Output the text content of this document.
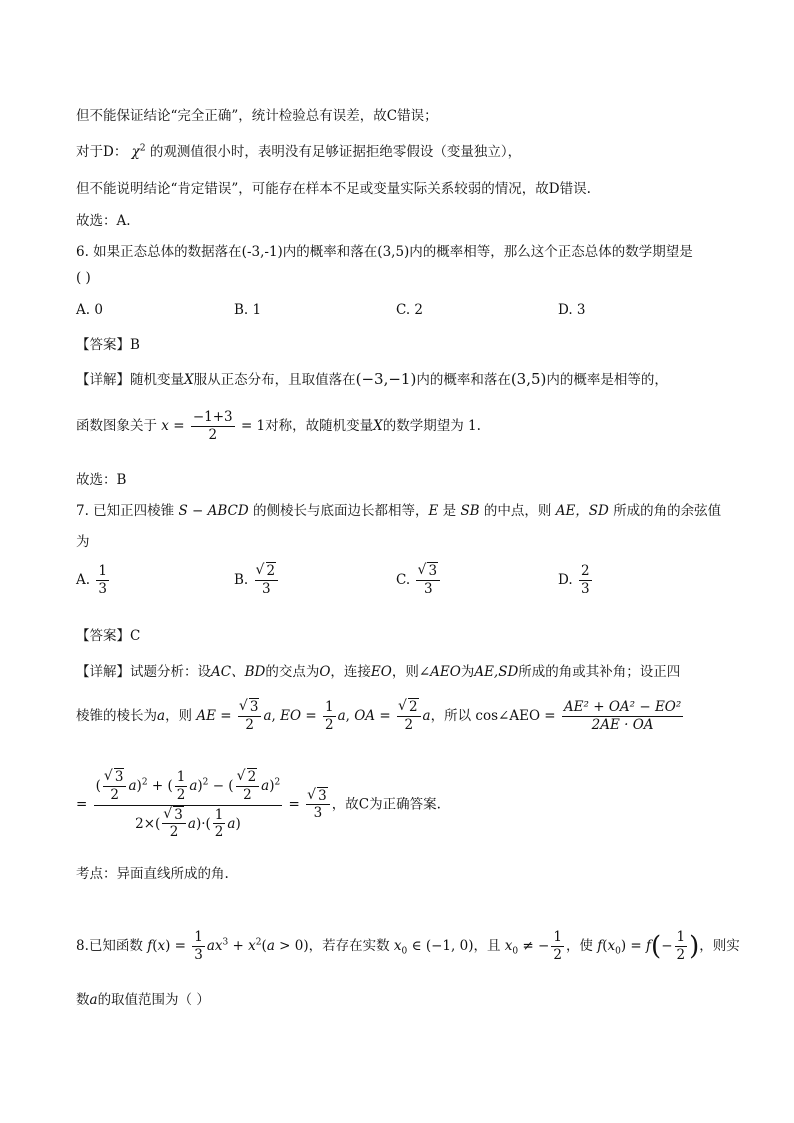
但不能保证结论“完全正确”，统计检验总有误差，故C错误；
对于D： $\chi^2$ 的观测值很小时，表明没有足够证据拒绝零假设（变量独立），
但不能说明结论“肯定错误”，可能存在样本不足或变量实际关系较弱的情况，故D错误.
故选：A.
6. 如果正态总体的数据落在(-3,-1)内的概率和落在(3,5)内的概率相等，那么这个正态总体的数学期望是
( )
A. 0	B. 1	C. 2	D. 3
【答案】B
【详解】随机变量X服从正态分布，且取值落在(−3,−1)内的概率和落在(3,5)内的概率是相等的，
函数图象关于 $x = \frac{-1+3}{2} = 1$对称，故随机变量X的数学期望为 1.
故选：B
7. 已知正四棱锥 S − ABCD 的侧棱长与底面边长都相等，E 是 SB 的中点，则 AE，SD 所成的角的余弦值
为
A. $\frac{1}{3}$	B.
√ $\frac{2}{3}$	C.
√ $\frac{3}{3}$	D. $\frac{2}{3}$
【答案】C
【详解】试题分析：设AC、BD的交点为O，连接EO，则∠AEO为AE,SD所成的角或其补角；设正四
棱锥的棱长为a，则 AE =
√ $\frac{3}{2} a$, EO = $\frac{1}{2} a$, OA =
√ $\frac{2}{2}$ a，所以 cos∠AEO = $\frac{\text{AE² + OA² − EO²}}{2AE \cdot OA}$
= (
√ $\frac{3}{2} a)^2$ + ( $\frac{1}{2} a)^2$ − (
√ $\frac{2}{2} a)^2$
2×(
√ $\frac{3}{2} a)\cdot( \frac{1}{2} a)$ =
√ $\frac{3}{3}$ ，故C为正确答案.
考点：异面直线所成的角.
8.已知函数 $f(x) = \frac{1}{3} ax^3 + x^2(a > 0)$，若存在实数 $x_0$ ∈ (−1, 0)，且 $x_0$ ≠ − $\frac{1}{2}$ ，使 $f(x_0) = f(- \frac{1}{2}$ )，则实
数a的取值范围为（ ）
